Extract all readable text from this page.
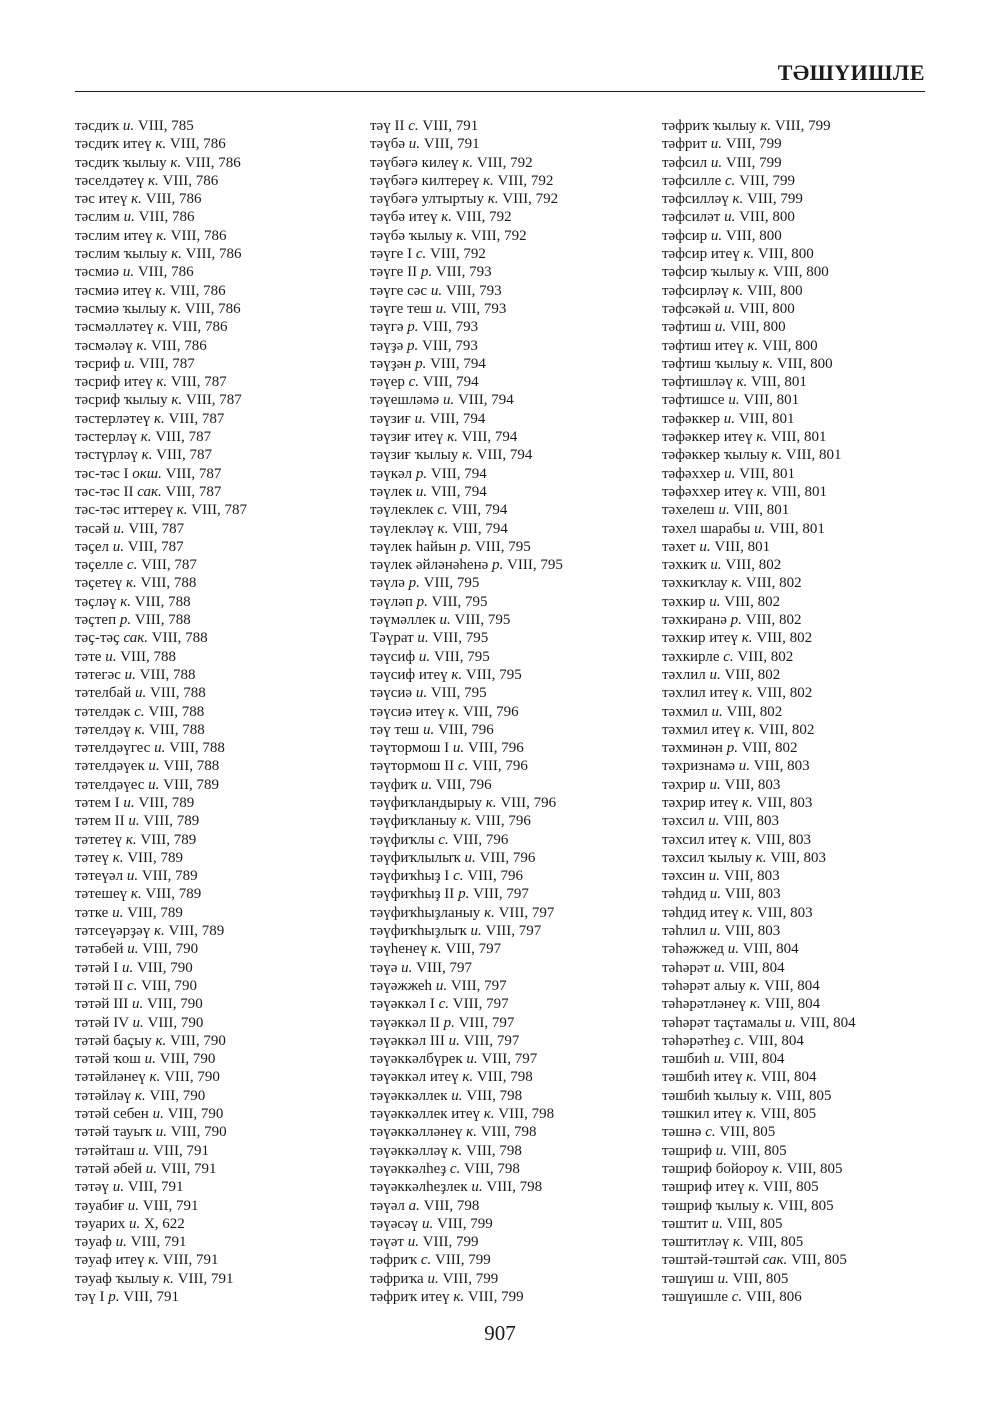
ТӘШҮИШЛЕ
тәсдиҡ и. VIII, 785
тәсдиҡ итеү к. VIII, 786
тәсдиҡ ҡылыу к. VIII, 786
тәселдәтеү к. VIII, 786
тәс итеү к. VIII, 786
тәслим и. VIII, 786
тәслим итеү к. VIII, 786
тәслим ҡылыу к. VIII, 786
тәсмиә и. VIII, 786
тәсмиә итеү к. VIII, 786
тәсмиә ҡылыу к. VIII, 786
тәсмәлләтеү к. VIII, 786
тәсмәләү к. VIII, 786
тәсриф и. VIII, 787
тәсриф итеү к. VIII, 787
тәсриф ҡылыу к. VIII, 787
тәстерләтеү к. VIII, 787
тәстерләү к. VIII, 787
тәстүрләү к. VIII, 787
тәс-тәс I окш. VIII, 787
тәс-тәс II сак. VIII, 787
тәс-тәс иттереү к. VIII, 787
тәсәй и. VIII, 787
тәҫел и. VIII, 787
тәҫелле с. VIII, 787
тәҫетеү к. VIII, 788
тәҫләү к. VIII, 788
тәҫтеп р. VIII, 788
тәҫ-тәҫ сак. VIII, 788
тәте и. VIII, 788
тәтегәс и. VIII, 788
тәтелбай и. VIII, 788
тәтелдәк с. VIII, 788
тәтелдәү к. VIII, 788
тәтелдәүгес и. VIII, 788
тәтелдәүек и. VIII, 788
тәтелдәүес и. VIII, 789
тәтем I и. VIII, 789
тәтем II и. VIII, 789
тәтетеү к. VIII, 789
тәтеү к. VIII, 789
тәтеүәл и. VIII, 789
тәтешеү к. VIII, 789
тәтке и. VIII, 789
тәтсеүәрҙәү к. VIII, 789
тәтәбей и. VIII, 790
тәтәй I и. VIII, 790
тәтәй II с. VIII, 790
тәтәй III и. VIII, 790
тәтәй IV и. VIII, 790
тәтәй баҫыу к. VIII, 790
тәтәй ҡош и. VIII, 790
тәтәйләнеү к. VIII, 790
тәтәйләү к. VIII, 790
тәтәй себен и. VIII, 790
тәтәй тауыҡ и. VIII, 790
тәтәйташ и. VIII, 791
тәтәй әбей и. VIII, 791
тәтәү и. VIII, 791
тәуабиғ и. VIII, 791
тәуарих и. X, 622
тәуаф и. VIII, 791
тәуаф итеү к. VIII, 791
тәуаф ҡылыу к. VIII, 791
тәү I р. VIII, 791
тәү II с. VIII, 791
тәүбә и. VIII, 791
тәүбәгә килеү к. VIII, 792
тәүбәгә килтереү к. VIII, 792
тәүбәгә ултыртыу к. VIII, 792
тәүбә итеү к. VIII, 792
тәүбә ҡылыу к. VIII, 792
тәүге I с. VIII, 792
тәүге II р. VIII, 793
тәүге сәс и. VIII, 793
тәүге теш и. VIII, 793
тәүгә р. VIII, 793
тәүҙә р. VIII, 793
тәүҙән р. VIII, 794
тәүер с. VIII, 794
тәүешләмә и. VIII, 794
тәүзиғ и. VIII, 794
тәүзиғ итеү к. VIII, 794
тәүзиғ ҡылыу к. VIII, 794
тәүкәл р. VIII, 794
тәүлек и. VIII, 794
тәүлеклек с. VIII, 794
тәүлекләү к. VIII, 794
тәүлек һайын р. VIII, 795
тәүлек әйләнәһенә р. VIII, 795
тәүлә р. VIII, 795
тәүләп р. VIII, 795
тәүмәллек и. VIII, 795
Тәүрат и. VIII, 795
тәүсиф и. VIII, 795
тәүсиф итеү к. VIII, 795
тәүсиә и. VIII, 795
тәүсиә итеү к. VIII, 796
тәү теш и. VIII, 796
тәүтормош I и. VIII, 796
тәүтормош II с. VIII, 796
тәүфиҡ и. VIII, 796
тәүфиҡландырыу к. VIII, 796
тәүфиҡланыу к. VIII, 796
тәүфиҡлы с. VIII, 796
тәүфиҡлылыҡ и. VIII, 796
тәүфиҡһыҙ I с. VIII, 796
тәүфиҡһыҙ II р. VIII, 797
тәүфиҡһыҙланыу к. VIII, 797
тәүфиҡһыҙлыҡ и. VIII, 797
тәүһенеү к. VIII, 797
тәүә и. VIII, 797
тәүәжжеһ и. VIII, 797
тәүәккәл I с. VIII, 797
тәүәккәл II р. VIII, 797
тәүәккәл III и. VIII, 797
тәүәккәлбүрек и. VIII, 797
тәүәккәл итеү к. VIII, 798
тәүәккәллек и. VIII, 798
тәүәккәллек итеү к. VIII, 798
тәүәккәлләнеү к. VIII, 798
тәүәккәлләү к. VIII, 798
тәүәккәлһеҙ с. VIII, 798
тәүәккәлһеҙлек и. VIII, 798
тәүәл а. VIII, 798
тәүәсәү и. VIII, 799
тәүәт и. VIII, 799
тәфриҡ с. VIII, 799
тәфриҡа и. VIII, 799
тәфриҡ итеү к. VIII, 799
тәфриҡ ҡылыу к. VIII, 799
тәфрит и. VIII, 799
тәфсил и. VIII, 799
тәфсилле с. VIII, 799
тәфсилләү к. VIII, 799
тәфсиләт и. VIII, 800
тәфсир и. VIII, 800
тәфсир итеү к. VIII, 800
тәфсир ҡылыу к. VIII, 800
тәфсирләү к. VIII, 800
тәфсәкәй и. VIII, 800
тәфтиш и. VIII, 800
тәфтиш итеү к. VIII, 800
тәфтиш ҡылыу к. VIII, 800
тәфтишләү к. VIII, 801
тәфтишсе и. VIII, 801
тәфәккер и. VIII, 801
тәфәккер итеү к. VIII, 801
тәфәккер ҡылыу к. VIII, 801
тәфәххер и. VIII, 801
тәфәххер итеү к. VIII, 801
тәхелеш и. VIII, 801
тәхел шарабы и. VIII, 801
тәхет и. VIII, 801
тәхкиҡ и. VIII, 802
тәхкиҡлау к. VIII, 802
тәхкир и. VIII, 802
тәхкиранә р. VIII, 802
тәхкир итеү к. VIII, 802
тәхкирле с. VIII, 802
тәхлил и. VIII, 802
тәхлил итеү к. VIII, 802
тәхмил и. VIII, 802
тәхмил итеү к. VIII, 802
тәхминән р. VIII, 802
тәхризнамә и. VIII, 803
тәхрир и. VIII, 803
тәхрир итеү к. VIII, 803
тәхсил и. VIII, 803
тәхсил итеү к. VIII, 803
тәхсил ҡылыу к. VIII, 803
тәхсин и. VIII, 803
тәһдид и. VIII, 803
тәһдид итеү к. VIII, 803
тәһлил и. VIII, 803
тәһәжжед и. VIII, 804
тәһәрәт и. VIII, 804
тәһәрәт алыу к. VIII, 804
тәһәрәтләнеү к. VIII, 804
тәһәрәт таҫтамалы и. VIII, 804
тәһәрәтһеҙ с. VIII, 804
тәшбиһ и. VIII, 804
тәшбиһ итеү к. VIII, 804
тәшбиһ ҡылыу к. VIII, 805
тәшкил итеү к. VIII, 805
тәшнә с. VIII, 805
тәшриф и. VIII, 805
тәшриф бойороу к. VIII, 805
тәшриф итеү к. VIII, 805
тәшриф ҡылыу к. VIII, 805
тәштит и. VIII, 805
тәштитләү к. VIII, 805
тәштәй-тәштәй сак. VIII, 805
тәшүиш и. VIII, 805
тәшүишле с. VIII, 806
907
